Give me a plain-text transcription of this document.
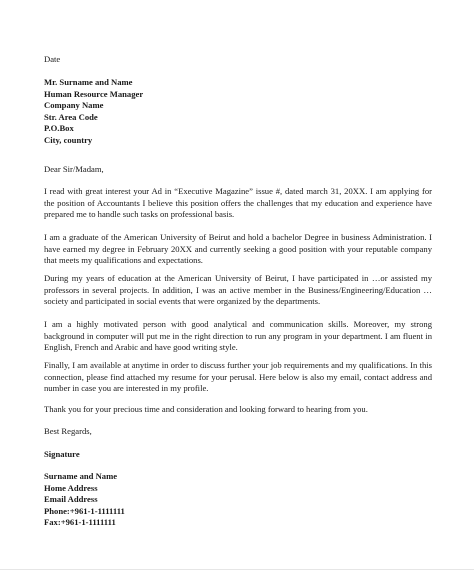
Date
Mr. Surname and Name
Human Resource Manager
Company Name
Str. Area Code
P.O.Box
City, country
Dear Sir/Madam,

I read with great interest your Ad in “Executive Magazine” issue #, dated march 31, 20XX. I am applying for the position of Accountants I believe this position offers the challenges that my education and experience have prepared me to handle such tasks on professional basis.

I am a graduate of the American University of Beirut and hold a bachelor Degree in business Administration. I have earned my degree in February 20XX and currently seeking a good position with your reputable company that meets my qualifications and expectations.

During my years of education at the American University of Beirut, I have participated in …or assisted my professors in several projects. In addition, I was an active member in the Business/Engineering/Education … society and participated in social events that were organized by the departments.

I am a highly motivated person with good analytical and communication skills. Moreover, my strong background in computer will put me in the right direction to run any program in your department. I am fluent in English, French and Arabic and have good writing style.

Finally, I am available at anytime in order to discuss further your job requirements and my qualifications. In this connection, please find attached my resume for your perusal. Here below is also my email, contact address and number in case you are interested in my profile.

Thank you for your precious time and consideration and looking forward to hearing from you.

Best Regards,
Signature
Surname and Name
Home Address
Email Address
Phone:+961-1-1111111
Fax:+961-1-1111111
